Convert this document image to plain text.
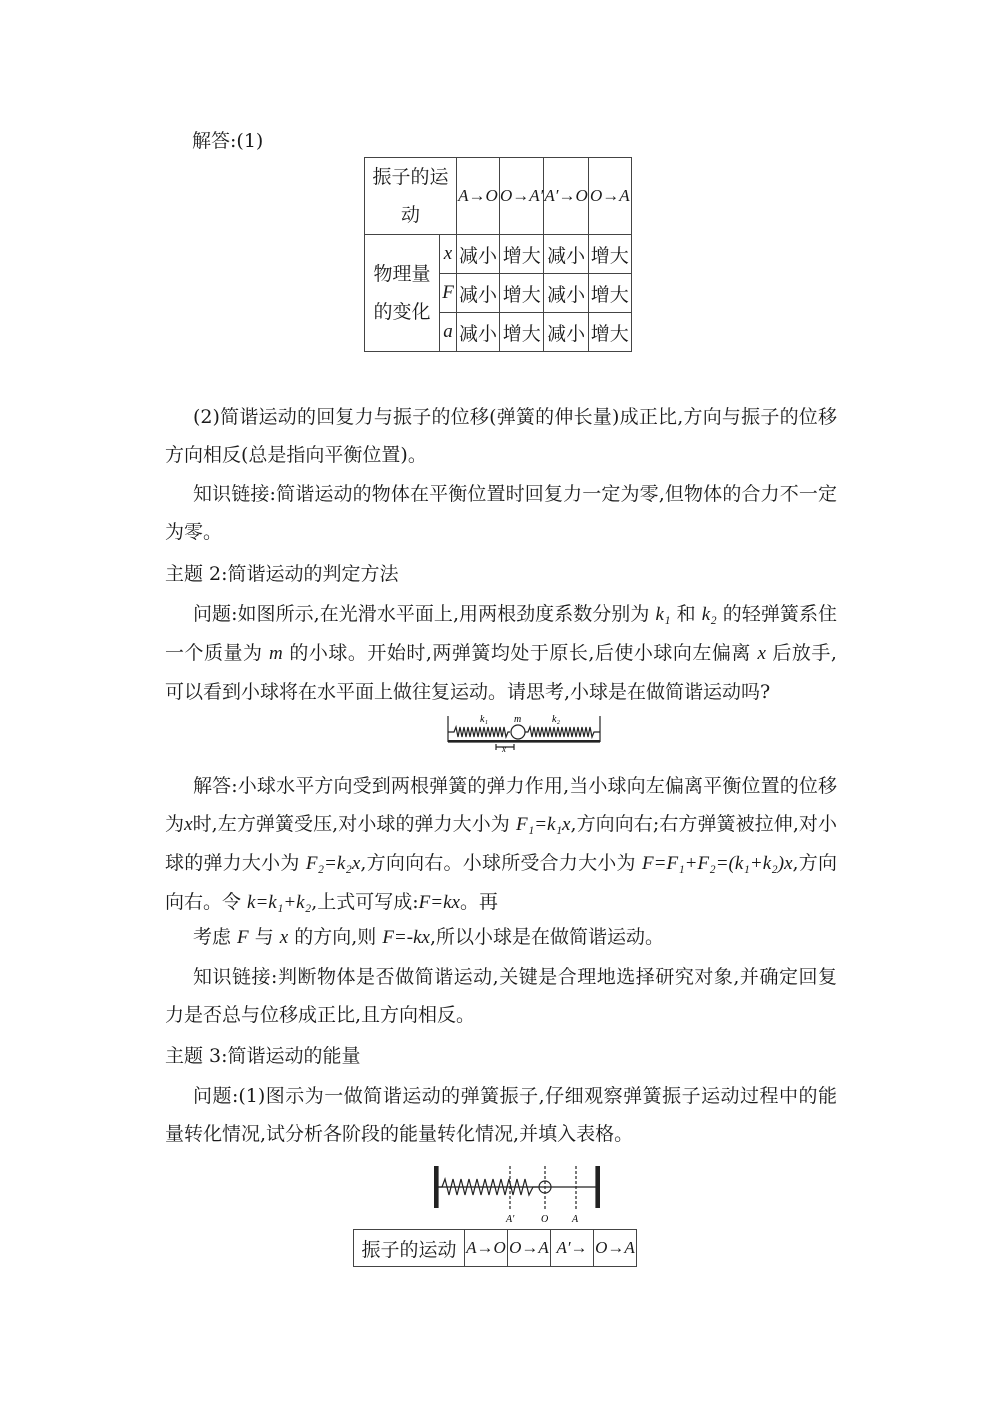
解答:(1)

振子的运动		A→O	O→A′	A′→O	O→A
物理量的变化	x	减小	增大	减小	增大
	F	减小	增大	减小	增大
	a	减小	增大	减小	增大

(2)简谐运动的回复力与振子的位移(弹簧的伸长量)成正比,方向与振子的位移方向相反(总是指向平衡位置)。

知识链接:简谐运动的物体在平衡位置时回复力一定为零,但物体的合力不一定为零。

主题 2:简谐运动的判定方法

问题:如图所示,在光滑水平面上,用两根劲度系数分别为 k₁ 和 k₂ 的轻弹簧系住一个质量为 m 的小球。开始时,两弹簧均处于原长,后使小球向左偏离 x 后放手,可以看到小球将在水平面上做往复运动。请思考,小球是在做简谐运动吗?

k₁	m	k₂
x

解答:小球水平方向受到两根弹簧的弹力作用,当小球向左偏离平衡位置的位移为x时,左方弹簧受压,对小球的弹力大小为 F₁=k₁x,方向向右;右方弹簧被拉伸,对小球的弹力大小为 F₂=k₂x,方向向右。小球所受合力大小为 F=F₁+F₂=(k₁+k₂)x,方向向右。令 k=k₁+k₂,上式可写成:F=kx。再

考虑 F 与 x 的方向,则 F=-kx,所以小球是在做简谐运动。

知识链接:判断物体是否做简谐运动,关键是合理地选择研究对象,并确定回复力是否总与位移成正比,且方向相反。

主题 3:简谐运动的能量

问题:(1)图示为一做简谐运动的弹簧振子,仔细观察弹簧振子运动过程中的能量转化情况,试分析各阶段的能量转化情况,并填入表格。

A′	O A
振子的运动	A→O	O→A	A′→	O→A
